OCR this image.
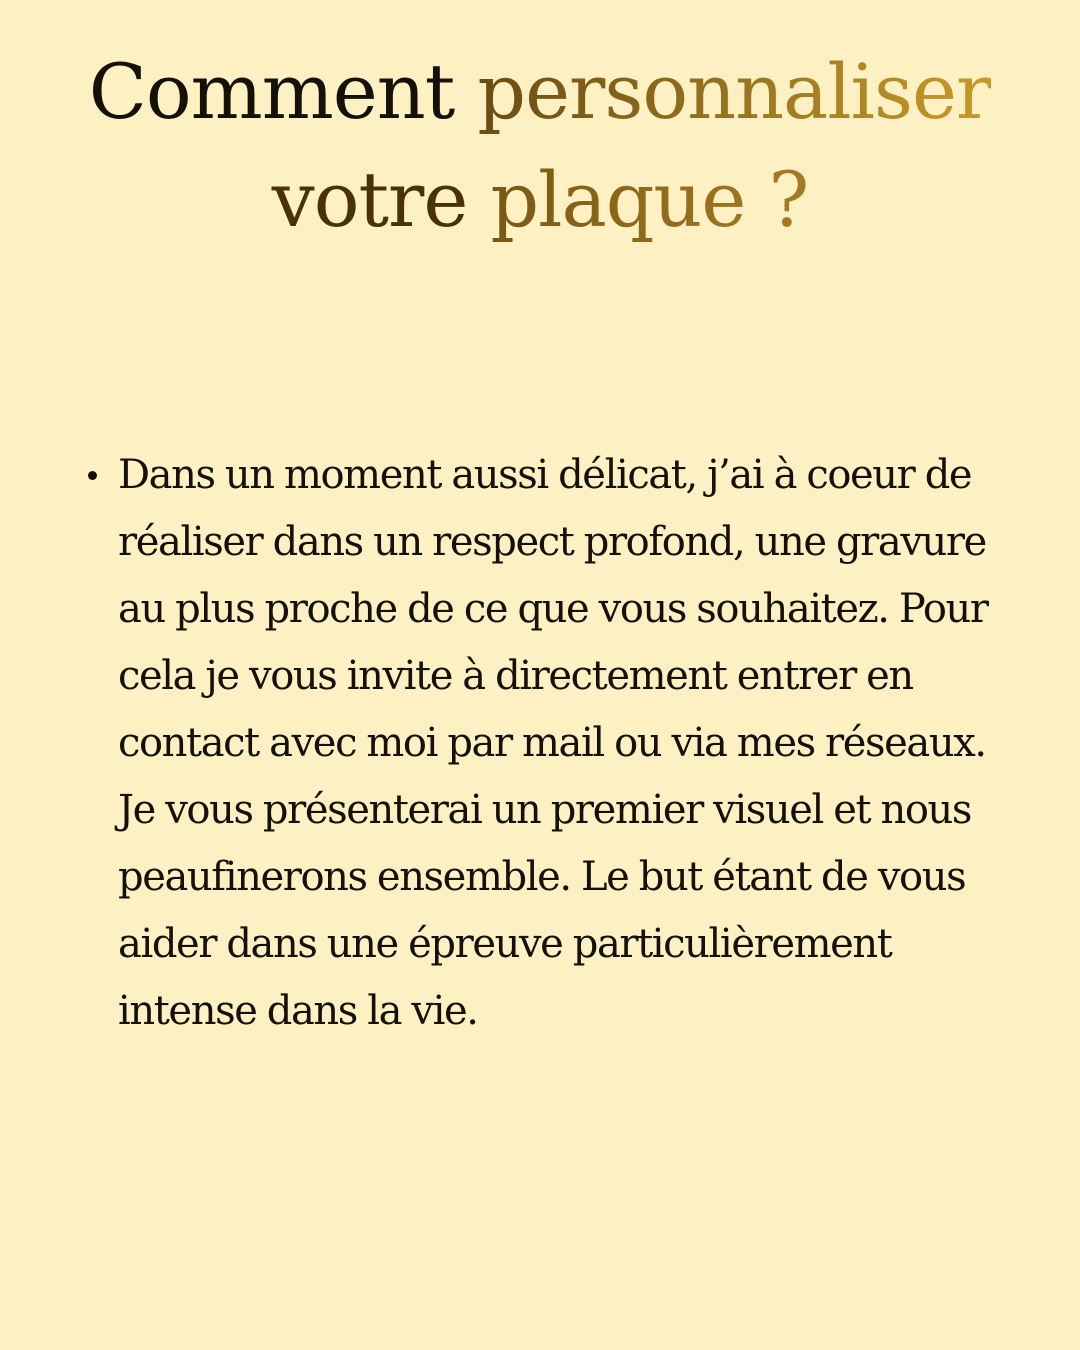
Comment personnaliser
votre plaque ?
Dans un moment aussi délicat, j’ai à coeur de réaliser dans un respect profond, une gravure au plus proche de ce que vous souhaitez. Pour cela je vous invite à directement entrer en contact avec moi par mail ou via mes réseaux. Je vous présenterai un premier visuel et nous peaufinerons ensemble. Le but étant de vous aider dans une épreuve particulièrement intense dans la vie.
